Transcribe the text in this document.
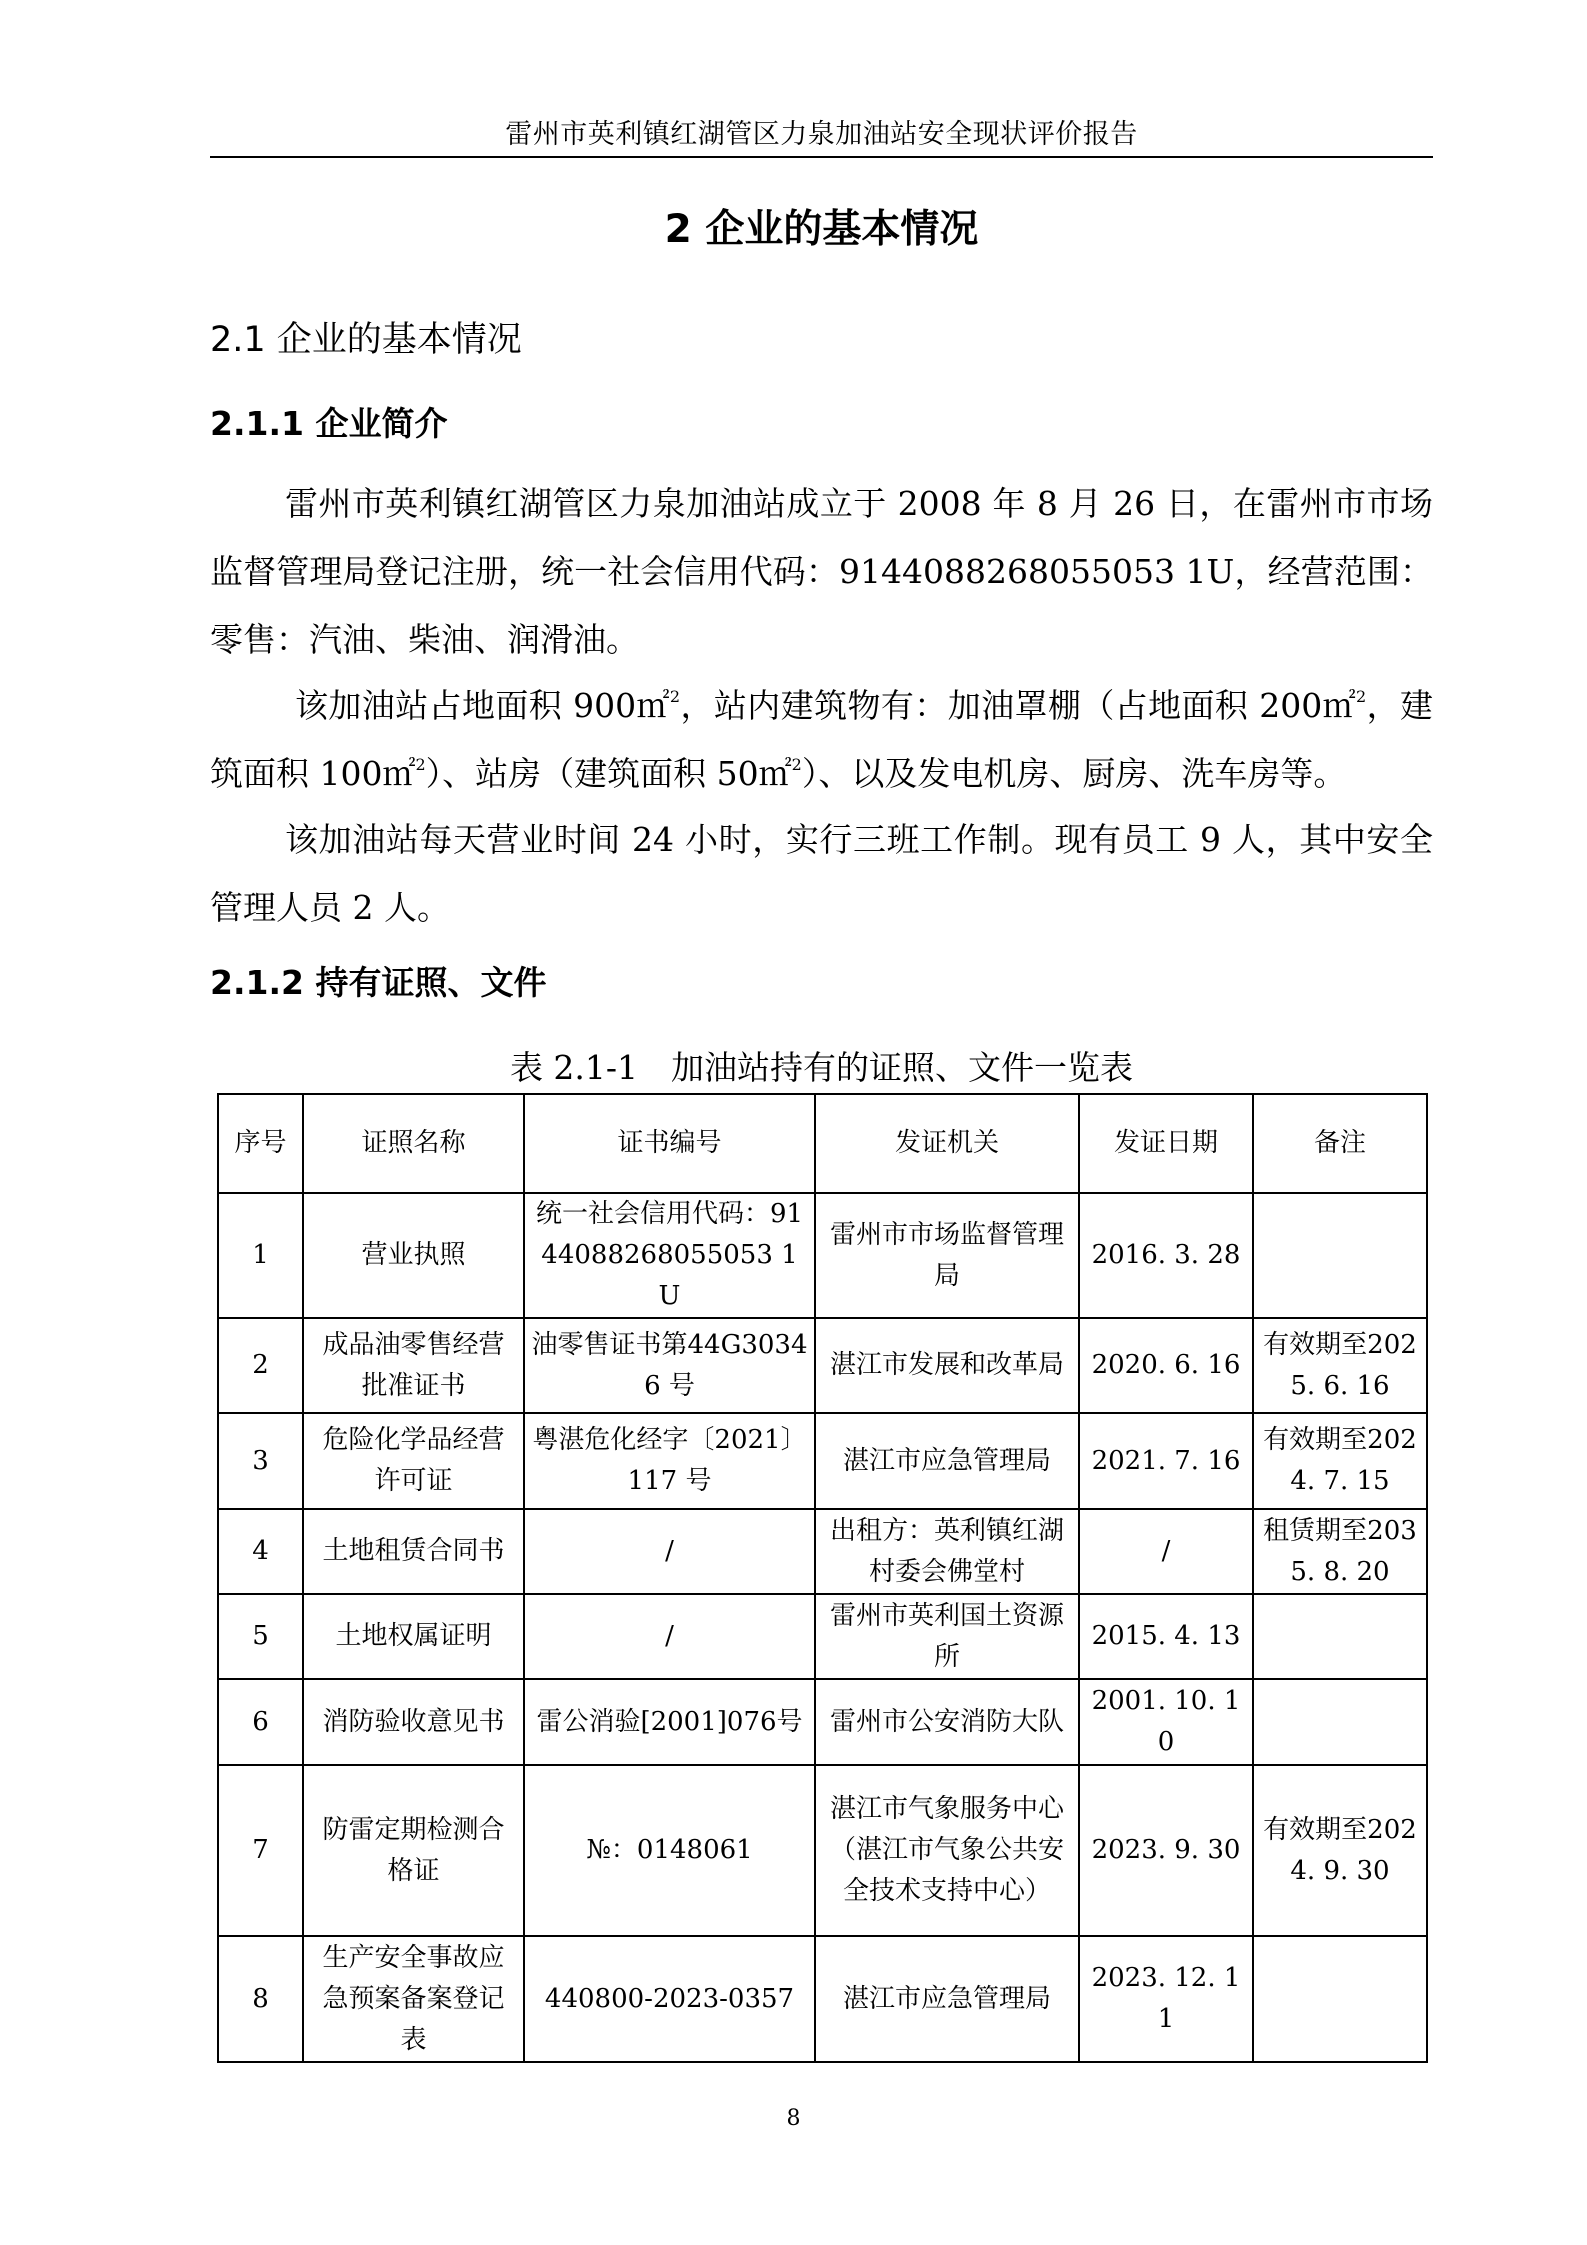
雷州市英利镇红湖管区力泉加油站安全现状评价报告
2 企业的基本情况
2.1 企业的基本情况
2.1.1 企业简介

雷州市英利镇红湖管区力泉加油站成立于 2008 年 8 月 26 日，在雷州市市场监督管理局登记注册，统一社会信用代码：9144088268055053 1U，经营范围：零售：汽油、柴油、润滑油。

该加油站占地面积 900㎡$^2$，站内建筑物有：加油罩棚（占地面积 200㎡$^2$，建筑面积 100㎡$^2$）、站房（建筑面积 50㎡$^2$）、以及发电机房、厨房、洗车房等。

该加油站每天营业时间 24 小时，实行三班工作制。现有员工 9 人，其中安全管理人员 2 人。

2.1.2 持有证照、文件
表 2.1-1　加油站持有的证照、文件一览表
序号	证照名称	证书编号	发证机关	发证日期	备注
1	营业执照	统一社会信用代码：9144088268055053 1U	雷州市市场监督管理局	2016. 3. 28	
2	成品油零售经营批准证书	油零售证书第44G30346 号	湛江市发展和改革局	2020. 6. 16	有效期至2025. 6. 16
3	危险化学品经营许可证	粤湛危化经字〔2021〕117 号	湛江市应急管理局	2021. 7. 16	有效期至2024. 7. 15
4	土地租赁合同书	/	出租方：英利镇红湖村委会佛堂村	/	租赁期至2035. 8. 20
5	土地权属证明	/	雷州市英利国土资源所	2015. 4. 13	
6	消防验收意见书	雷公消验[2001]076号	雷州市公安消防大队	2001. 10. 10	
7	防雷定期检测合格证	№：0148061	湛江市气象服务中心（湛江市气象公共安全技术支持中心）	2023. 9. 30	有效期至2024. 9. 30
8	生产安全事故应急预案备案登记表	440800-2023-0357	湛江市应急管理局	2023. 12. 11	
8
